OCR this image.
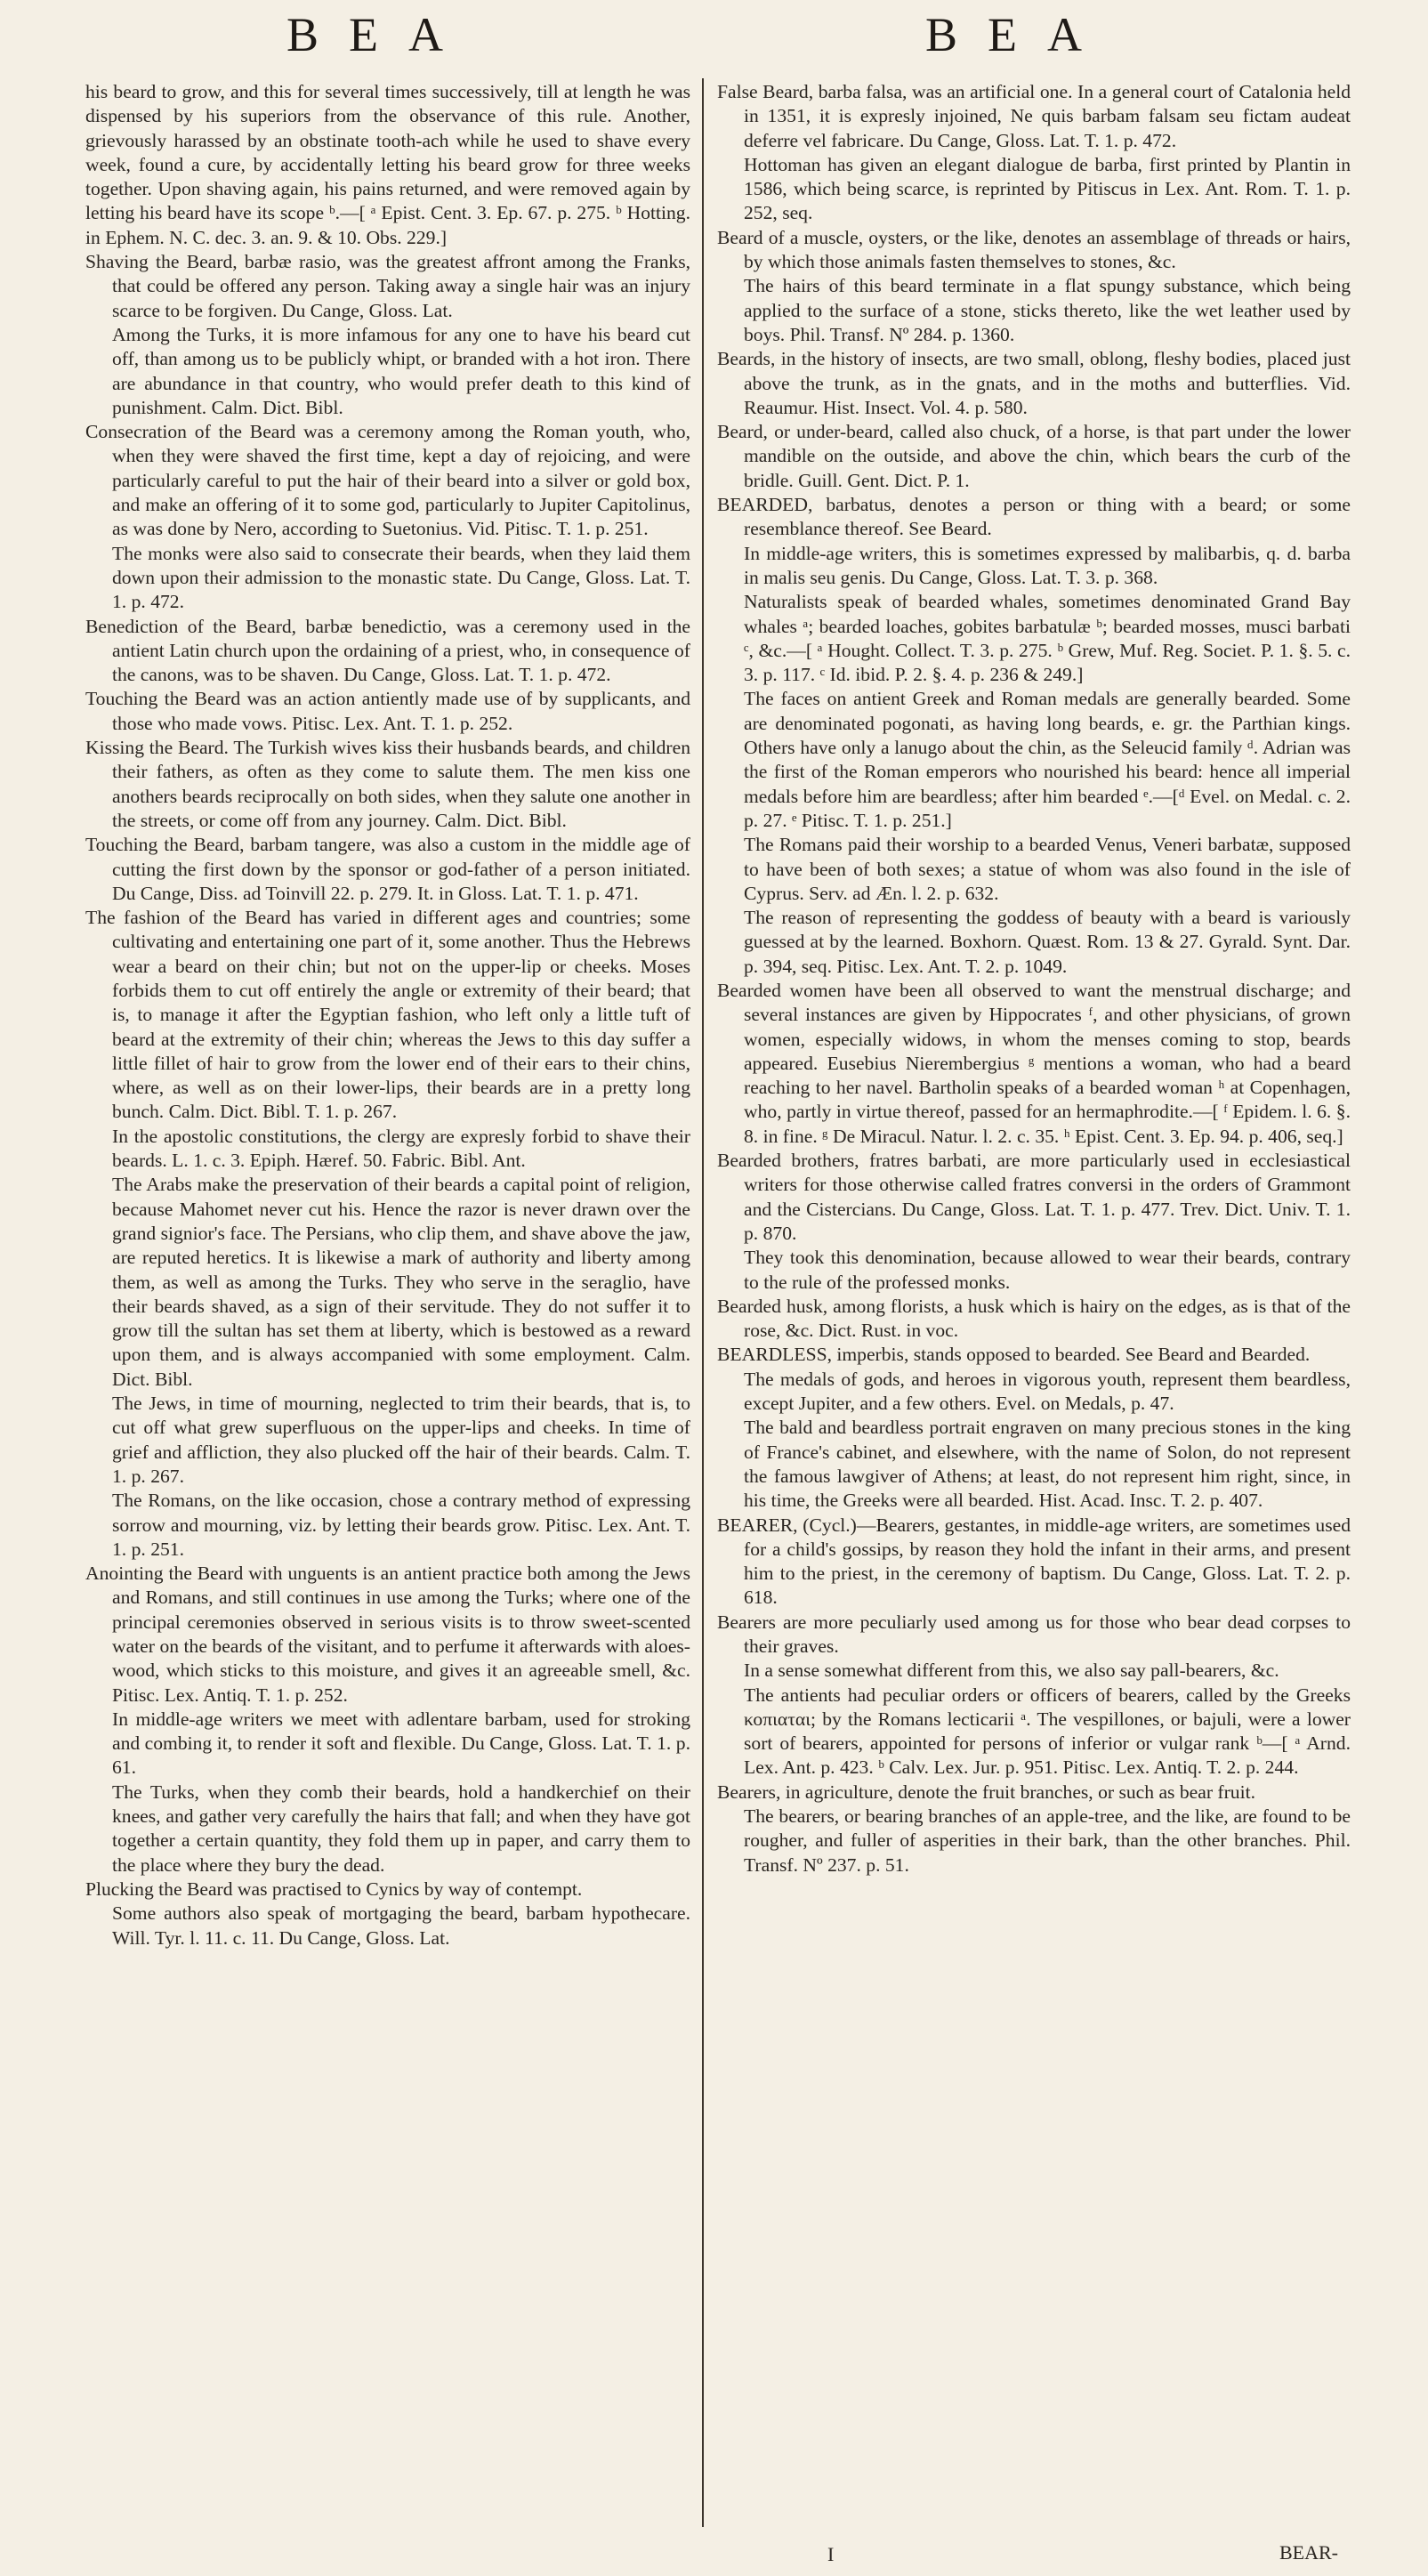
BEA	BEA

his beard to grow, and this for several times successively, till at length he was dispensed by his superiors from the observance of this rule. Another, grievously harassed by an obstinate tooth-ach while he used to shave every week, found a cure, by accidentally letting his beard grow for three weeks together. Upon shaving again, his pains returned, and were removed again by letting his beard have its scope ᵇ.—[ ᵃ Epist. Cent. 3. Ep. 67. p. 275. ᵇ Hotting. in Ephem. N. C. dec. 3. an. 9. & 10. Obs. 229.]

Shaving the Beard, barbæ rasio, was the greatest affront among the Franks, that could be offered any person. Taking away a single hair was an injury scarce to be forgiven. Du Cange, Gloss. Lat.

Among the Turks, it is more infamous for any one to have his beard cut off, than among us to be publicly whipt, or branded with a hot iron. There are abundance in that country, who would prefer death to this kind of punishment. Calm. Dict. Bibl.

Consecration of the Beard was a ceremony among the Roman youth, who, when they were shaved the first time, kept a day of rejoicing, and were particularly careful to put the hair of their beard into a silver or gold box, and make an offering of it to some god, particularly to Jupiter Capitolinus, as was done by Nero, according to Suetonius. Vid. Pitisc. T. 1. p. 251.

The monks were also said to consecrate their beards, when they laid them down upon their admission to the monastic state. Du Cange, Gloss. Lat. T. 1. p. 472.

Benediction of the Beard, barbæ benedictio, was a ceremony used in the antient Latin church upon the ordaining of a priest, who, in consequence of the canons, was to be shaven. Du Cange, Gloss. Lat. T. 1. p. 472.

Touching the Beard was an action antiently made use of by supplicants, and those who made vows. Pitisc. Lex. Ant. T. 1. p. 252.

Kissing the Beard. The Turkish wives kiss their husbands beards, and children their fathers, as often as they come to salute them. The men kiss one anothers beards reciprocally on both sides, when they salute one another in the streets, or come off from any journey. Calm. Dict. Bibl.

Touching the Beard, barbam tangere, was also a custom in the middle age of cutting the first down by the sponsor or god-father of a person initiated. Du Cange, Diss. ad Toinvill 22. p. 279. It. in Gloss. Lat. T. 1. p. 471.

The fashion of the Beard has varied in different ages and countries; some cultivating and entertaining one part of it, some another. Thus the Hebrews wear a beard on their chin; but not on the upper-lip or cheeks. Moses forbids them to cut off entirely the angle or extremity of their beard; that is, to manage it after the Egyptian fashion, who left only a little tuft of beard at the extremity of their chin; whereas the Jews to this day suffer a little fillet of hair to grow from the lower end of their ears to their chins, where, as well as on their lower-lips, their beards are in a pretty long bunch. Calm. Dict. Bibl. T. 1. p. 267.

In the apostolic constitutions, the clergy are expresly forbid to shave their beards. L. 1. c. 3. Epiph. Hæref. 50. Fabric. Bibl. Ant.

The Arabs make the preservation of their beards a capital point of religion, because Mahomet never cut his. Hence the razor is never drawn over the grand signior's face. The Persians, who clip them, and shave above the jaw, are reputed heretics. It is likewise a mark of authority and liberty among them, as well as among the Turks. They who serve in the seraglio, have their beards shaved, as a sign of their servitude. They do not suffer it to grow till the sultan has set them at liberty, which is bestowed as a reward upon them, and is always accompanied with some employment. Calm. Dict. Bibl.

The Jews, in time of mourning, neglected to trim their beards, that is, to cut off what grew superfluous on the upper-lips and cheeks. In time of grief and affliction, they also plucked off the hair of their beards. Calm. T. 1. p. 267.

The Romans, on the like occasion, chose a contrary method of expressing sorrow and mourning, viz. by letting their beards grow. Pitisc. Lex. Ant. T. 1. p. 251.

Anointing the Beard with unguents is an antient practice both among the Jews and Romans, and still continues in use among the Turks; where one of the principal ceremonies observed in serious visits is to throw sweet-scented water on the beards of the visitant, and to perfume it afterwards with aloes-wood, which sticks to this moisture, and gives it an agreeable smell, &c. Pitisc. Lex. Antiq. T. 1. p. 252.

In middle-age writers we meet with adlentare barbam, used for stroking and combing it, to render it soft and flexible. Du Cange, Gloss. Lat. T. 1. p. 61.

The Turks, when they comb their beards, hold a handkerchief on their knees, and gather very carefully the hairs that fall; and when they have got together a certain quantity, they fold them up in paper, and carry them to the place where they bury the dead.

Plucking the Beard was practised to Cynics by way of contempt.

Some authors also speak of mortgaging the beard, barbam hypothecare. Will. Tyr. l. 11. c. 11. Du Cange, Gloss. Lat.

False Beard, barba falsa, was an artificial one. In a general court of Catalonia held in 1351, it is expresly injoined, Ne quis barbam falsam seu fictam audeat deferre vel fabricare. Du Cange, Gloss. Lat. T. 1. p. 472.

Hottoman has given an elegant dialogue de barba, first printed by Plantin in 1586, which being scarce, is reprinted by Pitiscus in Lex. Ant. Rom. T. 1. p. 252, seq.

Beard of a muscle, oysters, or the like, denotes an assemblage of threads or hairs, by which those animals fasten themselves to stones, &c.

The hairs of this beard terminate in a flat spungy substance, which being applied to the surface of a stone, sticks thereto, like the wet leather used by boys. Phil. Transf. Nº 284. p. 1360.

Beards, in the history of insects, are two small, oblong, fleshy bodies, placed just above the trunk, as in the gnats, and in the moths and butterflies. Vid. Reaumur. Hist. Insect. Vol. 4. p. 580.

Beard, or under-beard, called also chuck, of a horse, is that part under the lower mandible on the outside, and above the chin, which bears the curb of the bridle. Guill. Gent. Dict. P. 1.

BEARDED, barbatus, denotes a person or thing with a beard; or some resemblance thereof. See Beard.

In middle-age writers, this is sometimes expressed by malibarbis, q. d. barba in malis seu genis. Du Cange, Gloss. Lat. T. 3. p. 368.

Naturalists speak of bearded whales, sometimes denominated Grand Bay whales ᵃ; bearded loaches, gobites barbatulæ ᵇ; bearded mosses, musci barbati ᶜ, &c.—[ ᵃ Hought. Collect. T. 3. p. 275. ᵇ Grew, Muf. Reg. Societ. P. 1. §. 5. c. 3. p. 117. ᶜ Id. ibid. P. 2. §. 4. p. 236 & 249.]

The faces on antient Greek and Roman medals are generally bearded. Some are denominated pogonati, as having long beards, e. gr. the Parthian kings. Others have only a lanugo about the chin, as the Seleucid family ᵈ. Adrian was the first of the Roman emperors who nourished his beard: hence all imperial medals before him are beardless; after him bearded ᵉ.—[ᵈ Evel. on Medal. c. 2. p. 27. ᵉ Pitisc. T. 1. p. 251.]

The Romans paid their worship to a bearded Venus, Veneri barbatæ, supposed to have been of both sexes; a statue of whom was also found in the isle of Cyprus. Serv. ad Æn. l. 2. p. 632.

The reason of representing the goddess of beauty with a beard is variously guessed at by the learned. Boxhorn. Quæst. Rom. 13 & 27. Gyrald. Synt. Dar. p. 394, seq. Pitisc. Lex. Ant. T. 2. p. 1049.

Bearded women have been all observed to want the menstrual discharge; and several instances are given by Hippocrates ᶠ, and other physicians, of grown women, especially widows, in whom the menses coming to stop, beards appeared. Eusebius Nierembergius ᵍ mentions a woman, who had a beard reaching to her navel. Bartholin speaks of a bearded woman ʰ at Copenhagen, who, partly in virtue thereof, passed for an hermaphrodite.—[ ᶠ Epidem. l. 6. §. 8. in fine. ᵍ De Miracul. Natur. l. 2. c. 35. ʰ Epist. Cent. 3. Ep. 94. p. 406, seq.]

Bearded brothers, fratres barbati, are more particularly used in ecclesiastical writers for those otherwise called fratres conversi in the orders of Grammont and the Cistercians. Du Cange, Gloss. Lat. T. 1. p. 477. Trev. Dict. Univ. T. 1. p. 870.

They took this denomination, because allowed to wear their beards, contrary to the rule of the professed monks.

Bearded husk, among florists, a husk which is hairy on the edges, as is that of the rose, &c. Dict. Rust. in voc.

BEARDLESS, imperbis, stands opposed to bearded. See Beard and Bearded.

The medals of gods, and heroes in vigorous youth, represent them beardless, except Jupiter, and a few others. Evel. on Medals, p. 47.

The bald and beardless portrait engraven on many precious stones in the king of France's cabinet, and elsewhere, with the name of Solon, do not represent the famous lawgiver of Athens; at least, do not represent him right, since, in his time, the Greeks were all bearded. Hist. Acad. Insc. T. 2. p. 407.

BEARER, (Cycl.)—Bearers, gestantes, in middle-age writers, are sometimes used for a child's gossips, by reason they hold the infant in their arms, and present him to the priest, in the ceremony of baptism. Du Cange, Gloss. Lat. T. 2. p. 618.

Bearers are more peculiarly used among us for those who bear dead corpses to their graves.

In a sense somewhat different from this, we also say pall-bearers, &c.

The antients had peculiar orders or officers of bearers, called by the Greeks κοπιαται; by the Romans lecticarii ᵃ. The vespillones, or bajuli, were a lower sort of bearers, appointed for persons of inferior or vulgar rank ᵇ—[ ᵃ Arnd. Lex. Ant. p. 423. ᵇ Calv. Lex. Jur. p. 951. Pitisc. Lex. Antiq. T. 2. p. 244.

Bearers, in agriculture, denote the fruit branches, or such as bear fruit.

The bearers, or bearing branches of an apple-tree, and the like, are found to be rougher, and fuller of asperities in their bark, than the other branches. Phil. Transf. Nº 237. p. 51.

I	BEAR-
